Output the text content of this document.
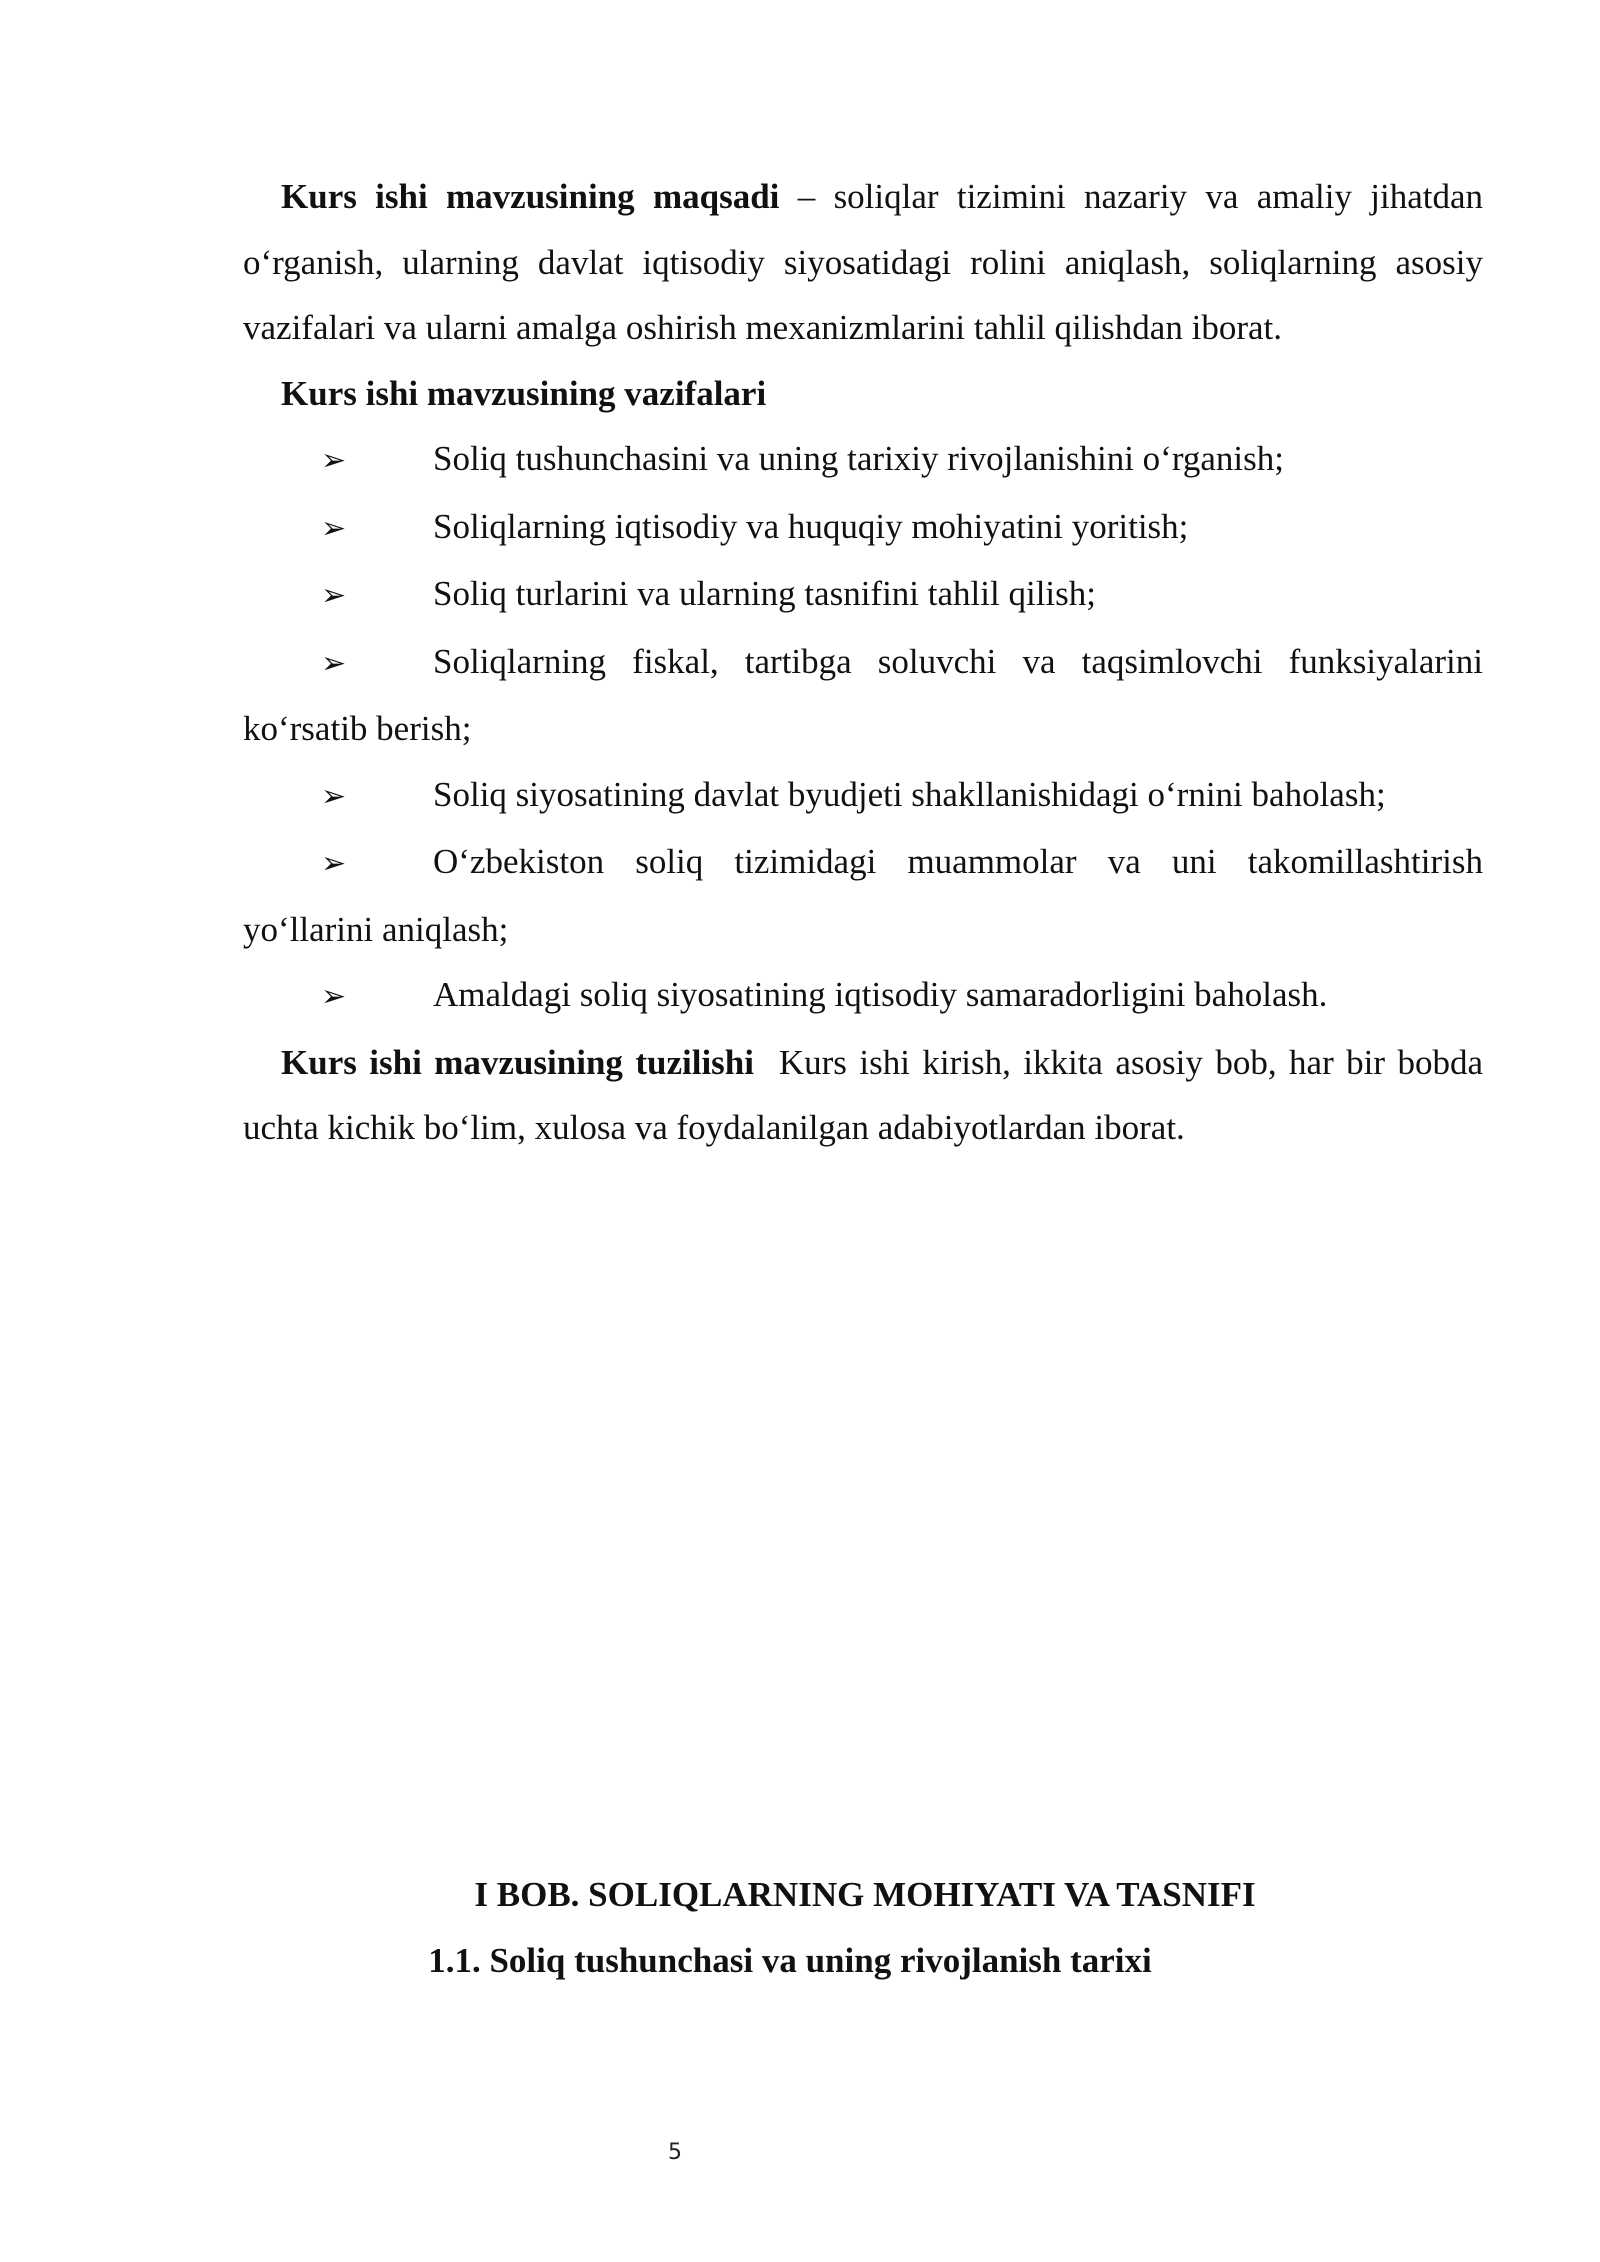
Kurs ishi mavzusining maqsadi – soliqlar tizimini nazariy va amaliy jihatdan o‘rganish, ularning davlat iqtisodiy siyosatidagi rolini aniqlash, soliqlarning asosiy vazifalari va ularni amalga oshirish mexanizmlarini tahlil qilishdan iborat.

Kurs ishi mavzusining vazifalari

➢ Soliq tushunchasini va uning tarixiy rivojlanishini o‘rganish;
➢ Soliqlarning iqtisodiy va huquqiy mohiyatini yoritish;
➢ Soliq turlarini va ularning tasnifini tahlil qilish;
➢ Soliqlarning fiskal, tartibga soluvchi va taqsimlovchi funksiyalarini ko‘rsatib berish;
➢ Soliq siyosatining davlat byudjeti shakllanishidagi o‘rnini baholash;
➢ O‘zbekiston soliq tizimidagi muammolar va uni takomillashtirish yo‘llarini aniqlash;
➢ Amaldagi soliq siyosatining iqtisodiy samaradorligini baholash.

Kurs ishi mavzusining tuzilishi Kurs ishi kirish, ikkita asosiy bob, har bir bobda uchta kichik bo‘lim, xulosa va foydalanilgan adabiyotlardan iborat.

I BOB. SOLIQLARNING MOHIYATI VA TASNIFI

1.1. Soliq tushunchasi va uning rivojlanish tarixi

5
